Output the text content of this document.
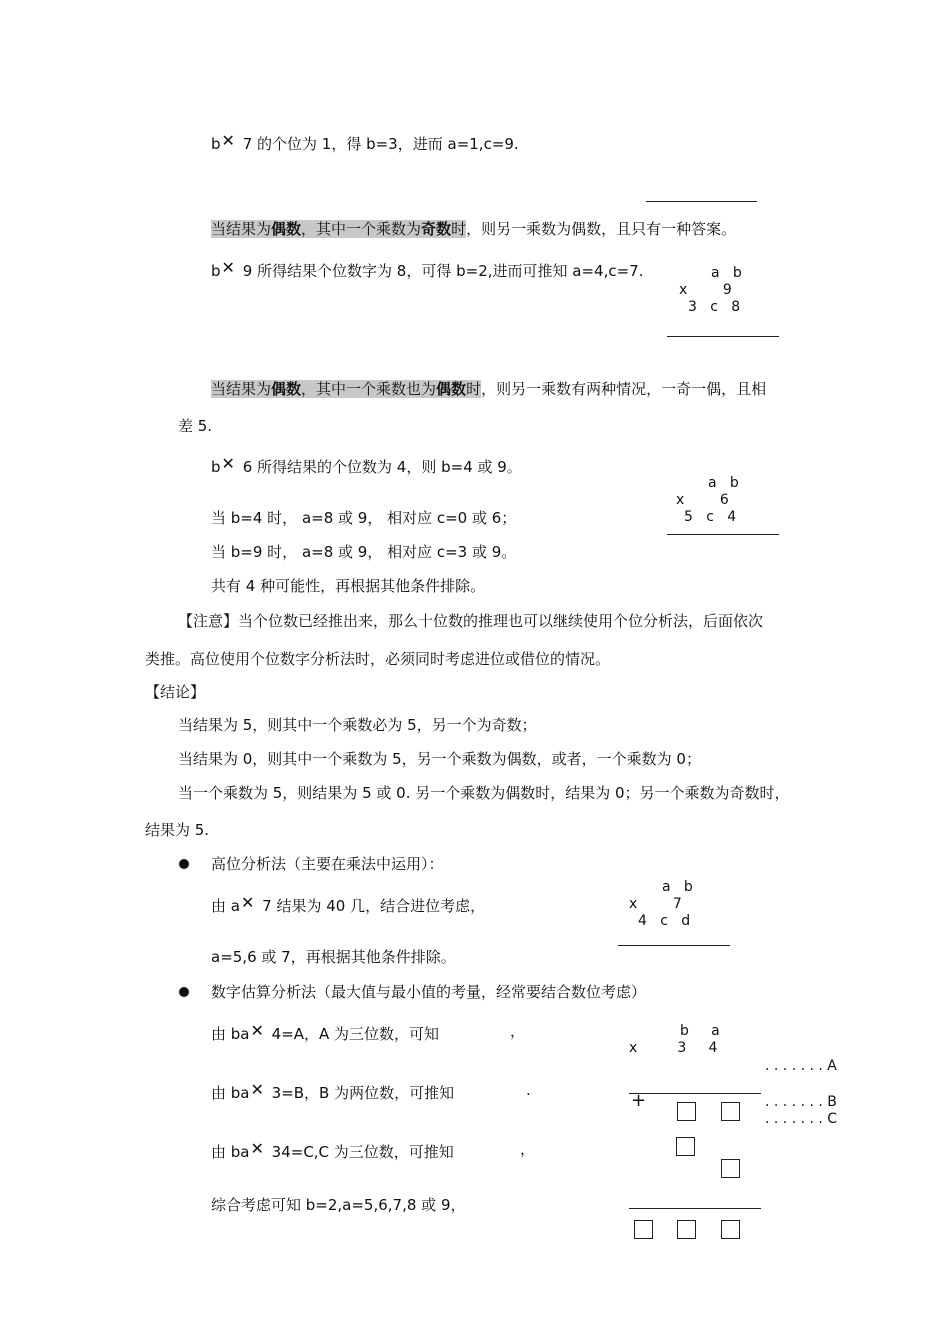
b✕ 7 的个位为 1，得 b=3，进而 a=1,c=9.
当结果为偶数，其中一个乘数为奇数时，则另一乘数为偶数，且只有一种答案。
b✕ 9 所得结果个位数字为 8，可得 b=2,进而可推知 a=4,c=7.	a   b
x        9
3   c   8
当结果为偶数，其中一个乘数也为偶数时，则另一乘数有两种情况，一奇一偶，且相
差 5.
b✕ 6 所得结果的个位数为 4，则 b=4 或 9。
a   b
x        6
5   c   4
当 b=4 时， a=8 或 9， 相对应 c=0 或 6；
当 b=9 时， a=8 或 9， 相对应 c=3 或 9。
共有 4 种可能性，再根据其他条件排除。
【注意】当个位数已经推出来，那么十位数的推理也可以继续使用个位分析法，后面依次
类推。高位使用个位数字分析法时，必须同时考虑进位或借位的情况。
【结论】
当结果为 5，则其中一个乘数必为 5，另一个为奇数；
当结果为 0，则其中一个乘数为 5，另一个乘数为偶数，或者，一个乘数为 0；
当一个乘数为 5，则结果为 5 或 0. 另一个乘数为偶数时，结果为 0；另一个乘数为奇数时，
结果为 5.
高位分析法（主要在乘法中运用）：
由 a✕ 7 结果为 40 几，结合进位考虑，
a   b
x        7
4   c   d
a=5,6 或 7，再根据其他条件排除。
数字估算分析法（最大值与最小值的考量，经常要结合数位考虑）
由 ba✕ 4=A，A 为三位数，可知	，
由 ba✕ 3=B，B 为两位数，可推知	.
由 ba✕ 34=C,C 为三位数，可推知	，
综合考虑可知 b=2,a=5,6,7,8 或 9，
b     a
x         3     4
. . . . . . . A
+	. . . . . . . B
. . . . . . . C
